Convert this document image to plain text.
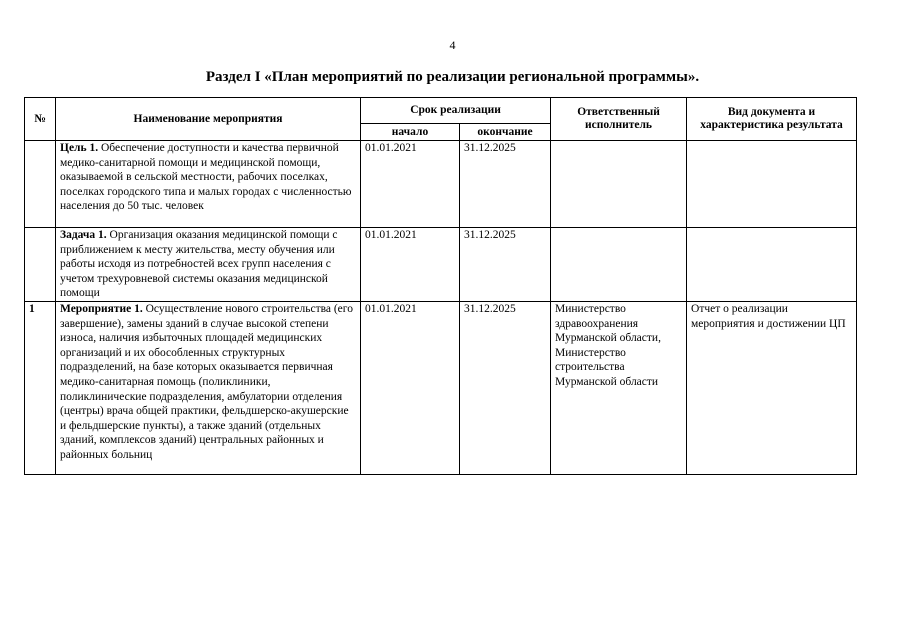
4
Раздел I «План мероприятий по реализации региональной программы».
№	Наименование мероприятия	Срок реализации		Ответственный исполнитель	Вид документа и характеристика результата
		начало	окончание		
	Цель 1. Обеспечение доступности и качества первичной медико-санитарной помощи и медицинской помощи, оказываемой в сельской местности, рабочих поселках, поселках городского типа и малых городах с численностью населения до 50 тыс. человек	01.01.2021	31.12.2025		
	Задача 1. Организация оказания медицинской помощи с приближением к месту жительства, месту обучения или работы исходя из потребностей всех групп населения с учетом трехуровневой системы оказания медицинской помощи	01.01.2021	31.12.2025		
1	Мероприятие 1. Осуществление нового строительства (его завершение), замены зданий в случае высокой степени износа, наличия избыточных площадей медицинских организаций и их обособленных структурных подразделений, на базе которых оказывается первичная медико-санитарная помощь (поликлиники, поликлинические подразделения, амбулатории отделения (центры) врача общей практики, фельдшерско-акушерские и фельдшерские пункты), а также зданий (отдельных зданий, комплексов зданий) центральных районных и районных больниц	01.01.2021	31.12.2025	Министерство здравоохранения Мурманской области, Министерство строительства Мурманской области	Отчет о реализации мероприятия и достижении ЦП
